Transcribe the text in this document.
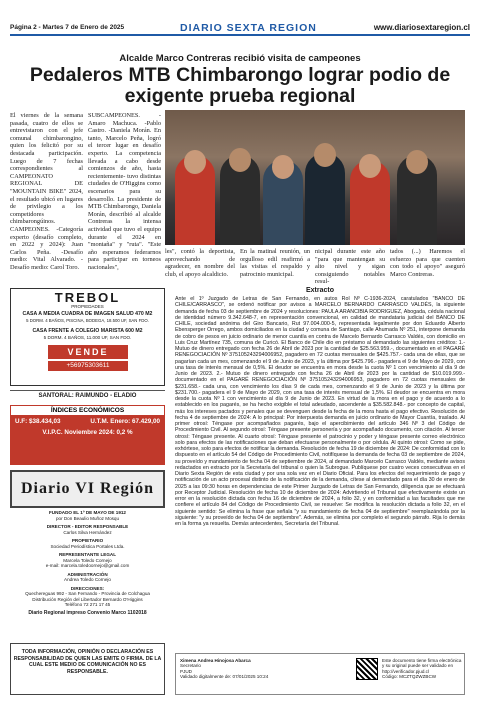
Página 2 - Martes 7 de Enero de 2025	DIARIO SEXTA REGION	www.diariosextaregion.cl
Alcalde Marco Contreras recibió visita de campeones
Pedaleros MTB Chimbarongo lograr podio de exigente prueba regional
El viernes de la semana pasada, cuatro de ellos se entrevistaron con el jefe comunal chimbarongino, quien los felicitó por su destacada participación. Luego de 7 fechas correspondientes al CAMPEONATO REGIONAL DE "MOUNTAIN BIKE" 2024, el resultado ubicó en lugares de privilegio a los competidores chimbarongúinos. CAMPEONES. -Categoría experto (desafío completo, en 2022 y 2024): Juan Carlos Peña. -Desafío medio: Vital Alvarado. -Desafío medio: Carol Toro.
SUBCAMPEONES. -Amaro Machuca. -Pablo Castro. -Daniela Morán. En tanto, Marcelo Peña, logró el tercer lugar en desafío experto. La competencia llevada a cabo desde comienzos de año, hasta recientemente- tuvo distintas ciudades de O'Higgins como escenarios para su desarrollo. La presidente de MTB Chimbarongo, Daniela Morán, describió al alcalde Contreras la intensa actividad que tuvo el equipo durante el 2024 en "montaña" y "ruta". "Este año esperamos federarnos para participar en torneos nacionales",
les", contó la deportista, aprovechando de agradecer, en nombre del club, el apoyo alcaldicio.
En la matinal reunión, un orgulloso edil reafirmó a las visitas el respaldo y patrocinio municipal.
nicipal durante este año "para que mantengan su alto nivel y sigan consiguiendo notables resul-
tados (...) Haremos el esfuerzo para que cuenten con todo el apoyo" aseguró Marco Contreras.
TREBOL
PROPIEDADES
CASA A MEDIA CUADRA DE IMAGEN SALUD 470 M2
5 DORM. 4 BAÑOS, PISCINA, BODEGA, 18.500 UF, SAN FDO.
CASA FRENTE A COLEGIO MARISTA 600 M2
5 DORM. 4 BAÑOS, 11.000 UF, SAN FDO.
VENDE
+56975303611
SANTORAL: RAIMUNDO - ELADIO
ÍNDICES ECONÓMICOS
U.F: $38.434,03	U.T.M. Enero: 67.429,00
V.I.P.C. Noviembre 2024: 0,2 %
Diario VI Región
FUNDADO EL 1º DE MAYO DE 1912
por Don Beaulio Muñoz Mosqu
DIRECTOR - EDITOR RESPONSABLE
Carlos Silva Hernández
PROPIETARIO
Sociedad Periodística Portales Ltda.
REPRESENTANTE LEGAL
Marcela Toledo Cornejo
e-mail: marcela.toledoornejo@gmail.com
ADMINISTRACIÓN
Andrea Toledo Cornejo
DIRECCIONES:
Quechereguas 992 - San Fernando - Provincia de Colchagua
Distribución Región del Libertador Bernardo O'Higgins
Teléfono 72 271 17 45
Diario Regional impreso Convenio Marco 1102018
TODA INFORMACIÓN, OPINIÓN O DECLARACIÓN ES RESPONSABILIDAD DE QUIEN LAS EMITE O FIRMA. DE LA CUAL ESTE MEDIO DE COMUNICACIÓN NO ES RESPONSABLE.
Extracto
Ante el 1º Juzgado de Letras de San Fernando, en autos Rol Nº C-1936-2024, caratulados "BANCO DE CHILE/CARRASCO", se ordenó notificar por avisos a MARCELO BERNARDO CARRASCO VALDÉS, la siguiente demanda de fecha 03 de septiembre de 2024 y resoluciones: PAULA ARANCIBIA RODRIGUEZ, Abogada, cédula nacional de identidad número 9.342.648-7, en representación convencional, en calidad de mandataria judicial del BANCO DE CHILE, sociedad anónima del Giro Bancario, Rut 97.004.000-5, representada legalmente por don Eduardo Alberto Ebensperger Orrego, ambos domiciliados en la ciudad y comuna de Santiago, calle Ahumada Nº 251, interpone demanda de cobro de pesos en juicio ordinario de menor cuantía en contra de Marcelo Bernardo Carrasco Valdés, con domicilio en Luis Cruz Martínez 735, comuna de Curicó. El Banco de Chile dio en préstamo al demandado las siguientes créditos: 1.- Mutuo de dinero entregado con fecha 26 de Abril de 2023 por la cantidad de $25.563.959.-, documentado en el PAGARÉ RENEGOCIACIÓN Nº 375105243294006952, pagadero en 72 cuotas mensuales de $425.757.- cada una de ellas, que se pagarían cada un mes, comenzando el 9 de Junio de 2023, y la última por $425.796.- pagadera el 9 de Mayo de 2029, con una tasa de interés mensual de 0,5%. El deudor se encuentra en mora desde la cuota Nº 1 con vencimiento al día 9 de Junio de 2023. 2.- Mutuo de dinero entregado con fecha 26 de Abril de 2023 por la cantidad de $10.019.999.- documentado en el PAGARÉ RENEGOCIACIÓN Nº 375105243294006953, pagadero en 72 cuotas mensuales de $231.658.- cada una, con vencimiento los días 9 de cada mes, comenzando el 9 de Junio de 2023 y la última por $231.700.- pagadera el 9 de Mayo de 2029, con una tasa de interés mensual de 1,5%. El deudor se encuentra en mora desde la cuota Nº 1 con vencimiento al día 9 de Junio de 2023. En virtud de la mora en el pago y de acuerdo a lo establecido en los pagarés, se ha hecho exigible el total adeudado, ascendente a $35.582.848.- por concepto de capital, más los intereses pactados y penales que se devenguen desde la fecha de la mora hasta el pago efectivo. Resolución de fecha 4 de septiembre de 2024: A lo principal: Por interpuesta demanda en juicio ordinario de Mayor Cuantía, traslado. Al primer otrosí: Téngase por acompañados pagarés, bajo el apercibimiento del artículo 346 Nº 3 del Código de Procedimiento Civil. Al segundo otrosí: Téngase presente personería y por acompañado documento, con citación. Al tercer otrosí: Téngase presente. Al cuarto otrosí: Téngase presente el patrocinio y poder y téngase presente correo electrónico solo para efectos de las notificaciones que deban efectuarse personalmente o por cédula. Al quinto otrosí: Como se pide, exhórtese, solo para efectos de notificar la demanda. Resolución de fecha 19 de diciembre de 2024: De conformidad con lo dispuesto en el artículo 54 del Código de Procedimiento Civil, notifíquese la demanda de fecha 03 de septiembre de 2024, su proveído y mandamiento de fecha 04 de septiembre de 2024, al demandado Marcelo Carrasco Valdés, mediante avisos redactados en extracto por la Secretaría del tribunal o quien la Subrogue. Publíquese por cuatro veces consecutivas en el Diario Sexta Región de esta ciudad y por una sola vez en el Diario Oficial. Para los efectos del requerimiento de pago y notificación de un acto procesal distinto de la notificación de la demanda, cítese al demandado para el día 30 de enero de 2025 a las 09:30 horas en dependencias de este Primer Juzgado de Letras de San Fernando, diligencia que se efectuará por Receptor Judicial. Resolución de fecha 10 de diciembre de 2024: Advirtiendo el Tribunal que efectivamente existe un error en la resolución dictada con fecha 16 de diciembre de 2024, a folio 32, y en conformidad a las facultades que me confiere el artículo 84 del Código de Procedimiento Civil, se resuelve: Se modifica la resolución dictada a folio 32, en el siguiente sentido: Se elimina la frase que señala "y su mandamiento de fecha 04 de septiembre" reemplazándola por la siguiente: "y su proveído de fecha 04 de septiembre". Además, se elimina por completo el segundo párrafo. Rija lo demás en la forma ya resuelta. Demás antecedentes, Secretaría del Tribunal.
Ximena Andrea Hinojosa Abarca
Secretario
PJUD
Validado digitalmente de: 07/01/2025 10:24
Este documento tiene firma electrónica y su original puede ser validado en http://verificador.pjud.cl
Código: MCZTQZWZBCW
